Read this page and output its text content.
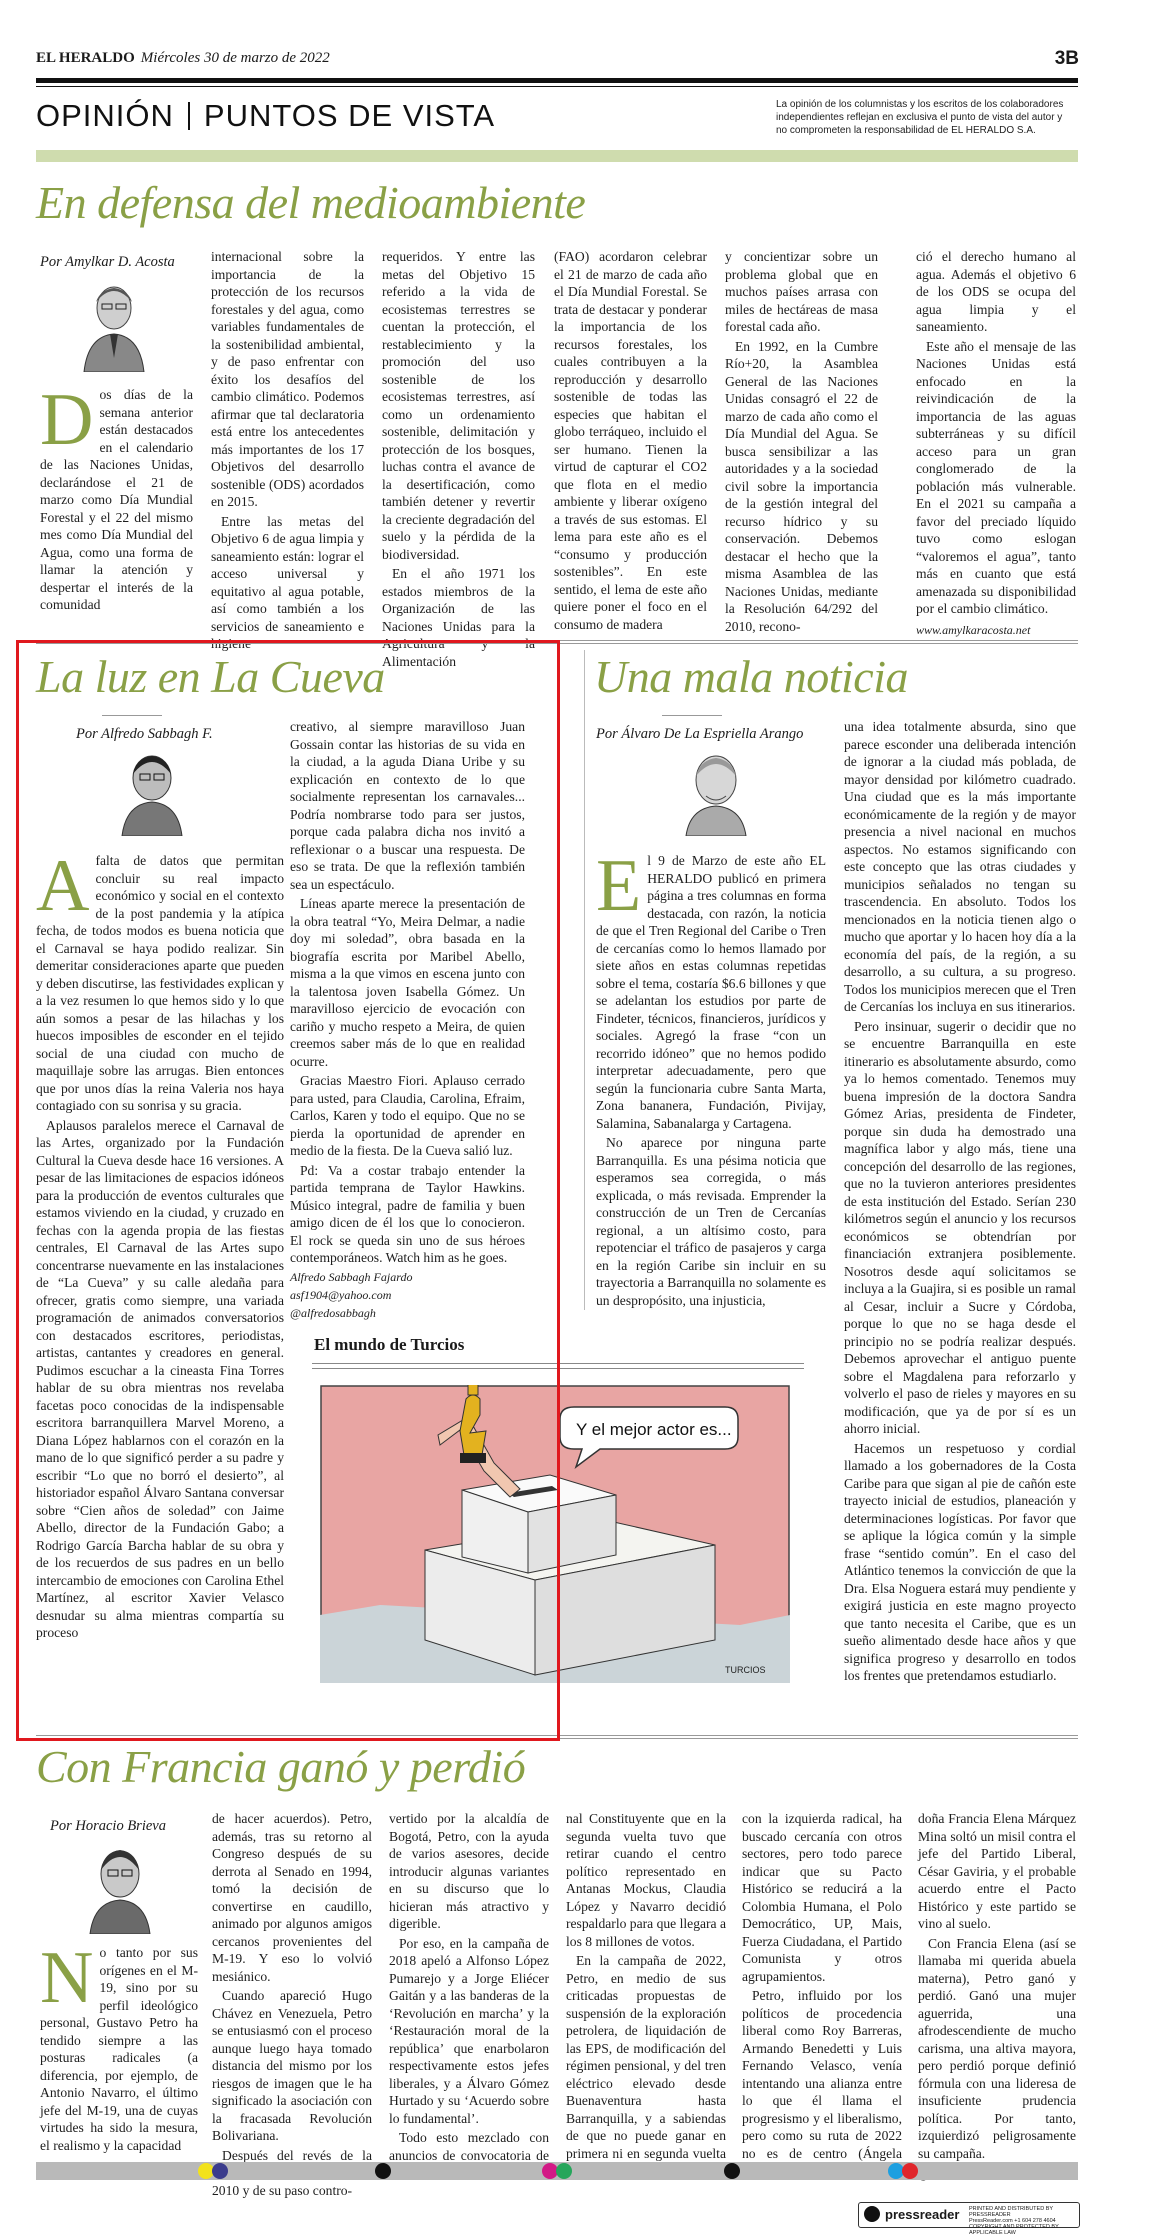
EL HERALDO Miércoles 30 de marzo de 2022	3B
OPINIÓN PUNTOS DE VISTA	La opinión de los columnistas y los escritos de los colaboradores independientes reflejan en exclusiva el punto de vista del autor y no comprometen la responsabilidad de EL HERALDO S.A.
En defensa del medioambiente
Por Amylkar D. Acosta

Dos días de la semana anterior están destacados en el calendario de las Naciones Unidas, declarándose el 21 de marzo como Día Mundial Forestal y el 22 del mismo mes como Día Mundial del Agua, como una forma de llamar la atención y despertar el interés de la comunidad

internacional sobre la importancia de la protección de los recursos forestales y del agua, como variables fundamentales de la sostenibilidad ambiental, y de paso enfrentar con éxito los desafíos del cambio climático. Podemos afirmar que tal declaratoria está entre los antecedentes más importantes de los 17 Objetivos del desarrollo sostenible (ODS) acordados en 2015.

Entre las metas del Objetivo 6 de agua limpia y saneamiento están: lograr el acceso universal y equitativo al agua potable, así como también a los servicios de saneamiento e higiene

requeridos. Y entre las metas del Objetivo 15 referido a la vida de ecosistemas terrestres se cuentan la protección, el restablecimiento y la promoción del uso sostenible de los ecosistemas terrestres, así como un ordenamiento sostenible, delimitación y protección de los bosques, luchas contra el avance de la desertificación, como también detener y revertir la creciente degradación del suelo y la pérdida de la biodiversidad.

En el año 1971 los estados miembros de la Organización de las Naciones Unidas para la Agricultura y la Alimentación

(FAO) acordaron celebrar el 21 de marzo de cada año el Día Mundial Forestal. Se trata de destacar y ponderar la importancia de los recursos forestales, los cuales contribuyen a la reproducción y desarrollo sostenible de todas las especies que habitan el globo terráqueo, incluido el ser humano. Tienen la virtud de capturar el CO2 que flota en el medio ambiente y liberar oxígeno a través de sus estomas. El lema para este año es el “consumo y producción sostenibles”. En este sentido, el lema de este año quiere poner el foco en el consumo de madera

y concientizar sobre un problema global que en muchos países arrasa con miles de hectáreas de masa forestal cada año.

En 1992, en la Cumbre Río+20, la Asamblea General de las Naciones Unidas consagró el 22 de marzo de cada año como el Día Mundial del Agua. Se busca sensibilizar a las autoridades y a la sociedad civil sobre la importancia de la gestión integral del recurso hídrico y su conservación. Debemos destacar el hecho que la misma Asamblea de las Naciones Unidas, mediante la Resolución 64/292 del 2010, recono-

ció el derecho humano al agua. Además el objetivo 6 de los ODS se ocupa del agua limpia y el saneamiento.

Este año el mensaje de las Naciones Unidas está enfocado en la reivindicación de la importancia de las aguas subterráneas y su difícil acceso para un gran conglomerado de la población más vulnerable. En el 2021 su campaña a favor del preciado líquido tuvo como eslogan “valoremos el agua”, tanto más en cuanto que está amenazada su disponibilidad por el cambio climático.

www.amylkaracosta.net

La luz en La Cueva
Por Alfredo Sabbagh F.

Afalta de datos que permitan concluir su real impacto económico y social en el contexto de la post pandemia y la atípica fecha, de todos modos es buena noticia que el Carnaval se haya podido realizar. Sin demeritar consideraciones aparte que pueden y deben discutirse, las festividades explican y a la vez resumen lo que hemos sido y lo que aún somos a pesar de las hilachas y los huecos imposibles de esconder en el tejido social de una ciudad con mucho de maquillaje sobre las arrugas. Bien entonces que por unos días la reina Valeria nos haya contagiado con su sonrisa y su gracia.

Aplausos paralelos merece el Carnaval de las Artes, organizado por la Fundación Cultural la Cueva desde hace 16 versiones. A pesar de las limitaciones de espacios idóneos para la producción de eventos culturales que estamos viviendo en la ciudad, y cruzado en fechas con la agenda propia de las fiestas centrales, El Carnaval de las Artes supo concentrarse nuevamente en las instalaciones de “La Cueva” y su calle aledaña para ofrecer, gratis como siempre, una variada programación de animados conversatorios con destacados escritores, periodistas, artistas, cantantes y creadores en general. Pudimos escuchar a la cineasta Fina Torres hablar de su obra mientras nos revelaba facetas poco conocidas de la indispensable escritora barranquillera Marvel Moreno, a Diana López hablarnos con el corazón en la mano de lo que significó perder a su padre y escribir “Lo que no borró el desierto”, al historiador español Álvaro Santana conversar sobre “Cien años de soledad” con Jaime Abello, director de la Fundación Gabo; a Rodrigo García Barcha hablar de su obra y de los recuerdos de sus padres en un bello intercambio de emociones con Carolina Ethel Martínez, al escritor Xavier Velasco desnudar su alma mientras compartía su proceso

creativo, al siempre maravilloso Juan Gossain contar las historias de su vida en la ciudad, a la aguda Diana Uribe y su explicación en contexto de lo que socialmente representan los carnavales... Podría nombrarse todo para ser justos, porque cada palabra dicha nos invitó a reflexionar o a buscar una respuesta. De eso se trata. De que la reflexión también sea un espectáculo.

Líneas aparte merece la presentación de la obra teatral “Yo, Meira Delmar, a nadie doy mi soledad”, obra basada en la biografía escrita por Maribel Abello, misma a la que vimos en escena junto con la talentosa joven Isabella Gómez. Un maravilloso ejercicio de evocación con cariño y mucho respeto a Meira, de quien creemos saber más de lo que en realidad ocurre.

Gracias Maestro Fiori. Aplauso cerrado para usted, para Claudia, Carolina, Efraim, Carlos, Karen y todo el equipo. Que no se pierda la oportunidad de aprender en medio de la fiesta. De la Cueva salió luz.

Pd: Va a costar trabajo entender la partida temprana de Taylor Hawkins. Músico integral, padre de familia y buen amigo dicen de él los que lo conocieron. El rock se queda sin uno de sus héroes contemporáneos. Watch him as he goes.

Alfredo Sabbagh Fajardo

asf1904@yahoo.com

@alfredosabbagh

El mundo de Turcios
Y el mejor actor es...
TURCIOS
Una mala noticia
Por Álvaro De La Espriella Arango

El 9 de Marzo de este año EL HERALDO publicó en primera página a tres columnas en forma destacada, con razón, la noticia de que el Tren Regional del Caribe o Tren de cercanías como lo hemos llamado por siete años en estas columnas repetidas sobre el tema, costaría $6.6 billones y que se adelantan los estudios por parte de Findeter, técnicos, financieros, jurídicos y sociales. Agregó la frase “con un recorrido idóneo” que no hemos podido interpretar adecuadamente, pero que según la funcionaria cubre Santa Marta, Zona bananera, Fundación, Pivijay, Salamina, Sabanalarga y Cartagena.

No aparece por ninguna parte Barranquilla. Es una pésima noticia que esperamos sea corregida, o más explicada, o más revisada. Emprender la construcción de un Tren de Cercanías regional, a un altísimo costo, para repotenciar el tráfico de pasajeros y carga en la región Caribe sin incluir en su trayectoria a Barranquilla no solamente es un despropósito, una injusticia,

una idea totalmente absurda, sino que parece esconder una deliberada intención de ignorar a la ciudad más poblada, de mayor densidad por kilómetro cuadrado. Una ciudad que es la más importante económicamente de la región y de mayor presencia a nivel nacional en muchos aspectos. No estamos significando con este concepto que las otras ciudades y municipios señalados no tengan su trascendencia. En absoluto. Todos los mencionados en la noticia tienen algo o mucho que aportar y lo hacen hoy día a la economía del país, de la región, a su desarrollo, a su cultura, a su progreso. Todos los municipios merecen que el Tren de Cercanías los incluya en sus itinerarios.

Pero insinuar, sugerir o decidir que no se encuentre Barranquilla en este itinerario es absolutamente absurdo, como ya lo hemos comentado. Tenemos muy buena impresión de la doctora Sandra Gómez Arias, presidenta de Findeter, porque sin duda ha demostrado una magnífica labor y algo más, tiene una concepción del desarrollo de las regiones, que no la tuvieron anteriores presidentes de esta institución del Estado. Serían 230 kilómetros según el anuncio y los recursos económicos se obtendrían por financiación extranjera posiblemente. Nosotros desde aquí solicitamos se incluya a la Guajira, si es posible un ramal al Cesar, incluir a Sucre y Córdoba, porque lo que no se haga desde el principio no se podría realizar después. Debemos aprovechar el antiguo puente sobre el Magdalena para reforzarlo y volverlo el paso de rieles y mayores en su modificación, que ya de por sí es un ahorro inicial.

Hacemos un respetuoso y cordial llamado a los gobernadores de la Costa Caribe para que sigan al pie de cañón este trayecto inicial de estudios, planeación y determinaciones logísticas. Por favor que se aplique la lógica común y la simple frase “sentido común”. En el caso del Atlántico tenemos la convicción de que la Dra. Elsa Noguera estará muy pendiente y exigirá justicia en este magno proyecto que tanto necesita el Caribe, que es un sueño alimentado desde hace años y que significa progreso y desarrollo en todos los frentes que pretendamos estudiarlo.

Con Francia ganó y perdió
Por Horacio Brieva

No tanto por sus orígenes en el M-19, sino por su perfil ideológico personal, Gustavo Petro ha tendido siempre a las posturas radicales (a diferencia, por ejemplo, de Antonio Navarro, el último jefe del M-19, una de cuyas virtudes ha sido la mesura, el realismo y la capacidad

de hacer acuerdos). Petro, además, tras su retorno al Congreso después de su derrota al Senado en 1994, tomó la decisión de convertirse en caudillo, animado por algunos amigos cercanos provenientes del M-19. Y eso lo volvió mesiánico.

Cuando apareció Hugo Chávez en Venezuela, Petro se entusiasmó con el proceso aunque luego haya tomado distancia del mismo por los riesgos de imagen que le ha significado la asociación con la fracasada Revolución Bolivariana.

Después del revés de la 2010 y de su paso contro-

vertido por la alcaldía de Bogotá, Petro, con la ayuda de varios asesores, decide introducir algunas variantes en su discurso que lo hicieran más atractivo y digerible.

Por eso, en la campaña de 2018 apeló a Alfonso López Pumarejo y a Jorge Eliécer Gaitán y a las banderas de la ‘Revolución en marcha’ y la ‘Restauración moral de la república’ que enarbolaron respectivamente estos jefes liberales, y a Álvaro Gómez Hurtado y su ‘Acuerdo sobre lo fundamental’.

Todo esto mezclado con anuncios de convocatoria de

nal Constituyente que en la segunda vuelta tuvo que retirar cuando el centro político representado en Antanas Mockus, Claudia López y Navarro decidió respaldarlo para que llegara a los 8 millones de votos.

En la campaña de 2022, Petro, en medio de sus criticadas propuestas de suspensión de la exploración petrolera, de liquidación de las EPS, de modificación del régimen pensional, y del tren eléctrico elevado desde Buenaventura hasta Barranquilla, y a sabiendas de que no puede ganar en primera ni en segunda vuelta

con la izquierda radical, ha buscado cercanía con otros sectores, pero todo parece indicar que su Pacto Histórico se reducirá a la Colombia Humana, el Polo Democrático, UP, Mais, Fuerza Ciudadana, el Partido Comunista y otros agrupamientos.

Petro, influido por los políticos de procedencia liberal como Roy Barreras, Armando Benedetti y Luis Fernando Velasco, venía intentando una alianza entre lo que él llama el progresismo y el liberalismo, pero como su ruta de 2022 no es de centro (Ángela

doña Francia Elena Márquez Mina soltó un misil contra el jefe del Partido Liberal, César Gaviria, y el probable acuerdo entre el Pacto Histórico y este partido se vino al suelo.

Con Francia Elena (así se llamaba mi querida abuela materna), Petro ganó y perdió. Ganó una mujer aguerrida, una afrodescendiente de mucho carisma, una altiva mayora, pero perdió porque definió fórmula con una lideresa de insuficiente prudencia política. Por tanto, izquierdizó peligrosamente su campaña.

pressreader PRINTED AND DISTRIBUTED BY PRESSREADER
PressReader.com +1 604 278 4604
COPYRIGHT AND PROTECTED BY APPLICABLE LAW
